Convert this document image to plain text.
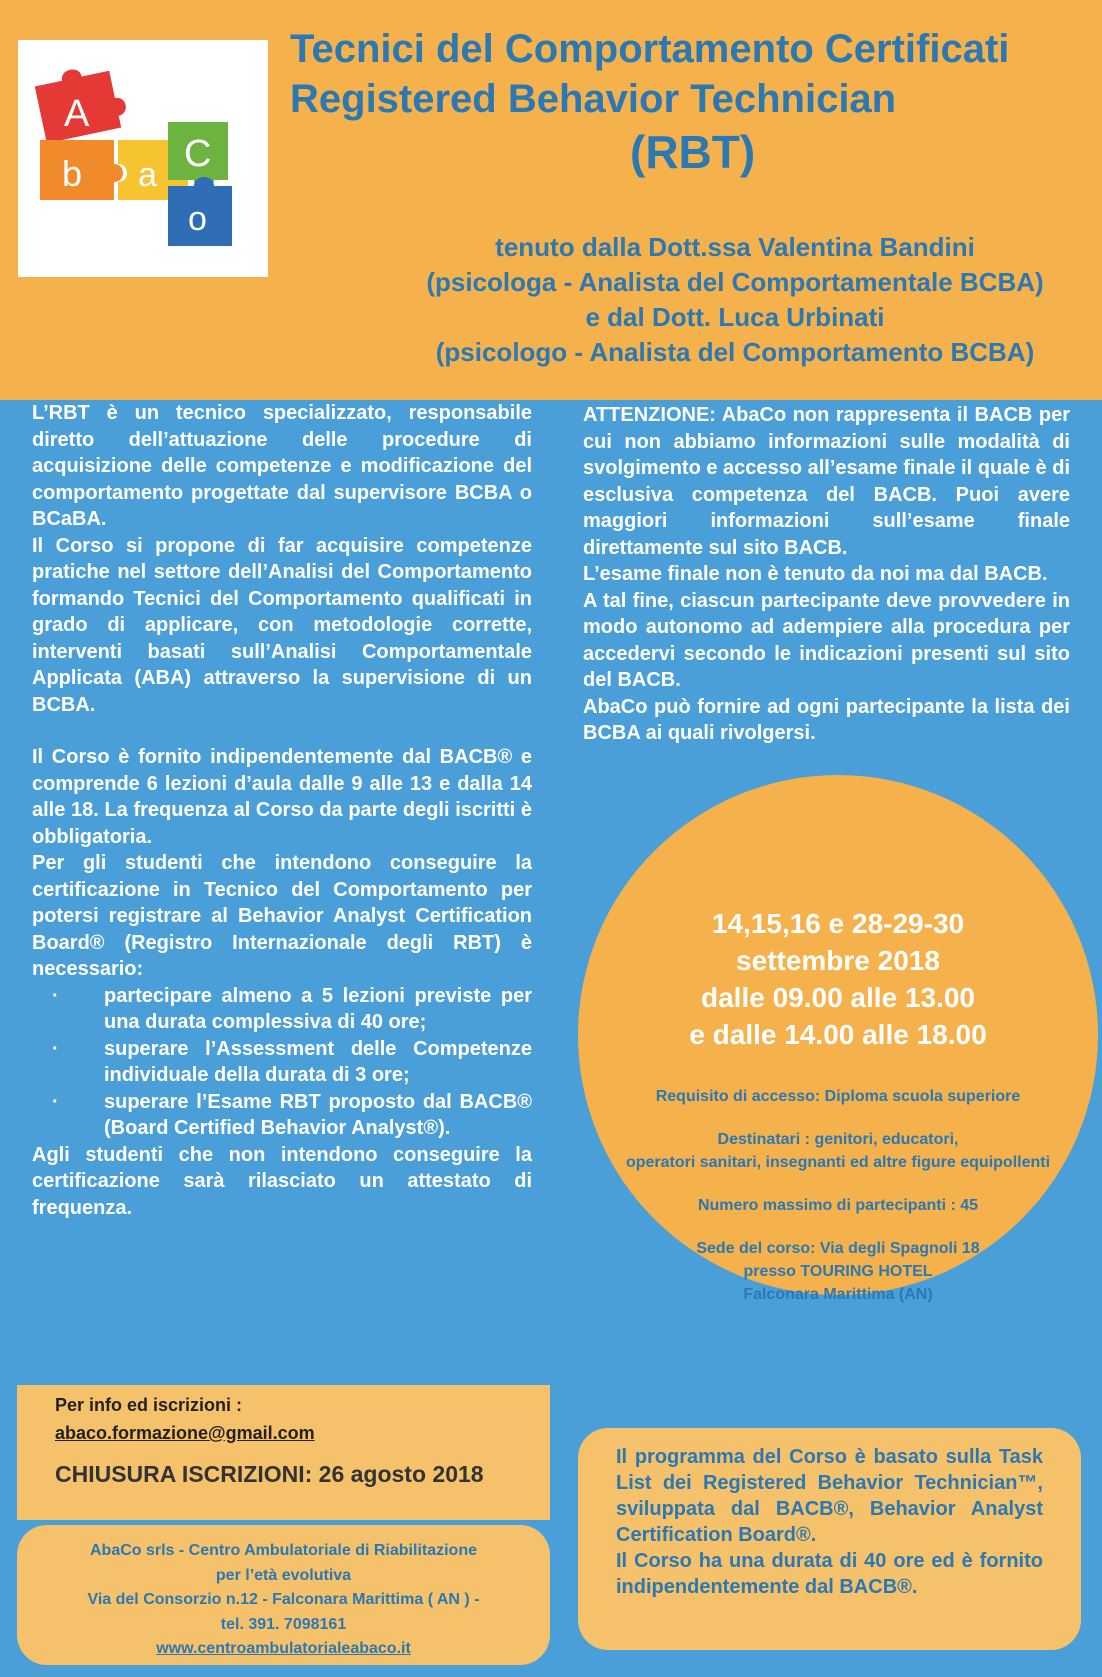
A
b a C
o
Tecnici del Comportamento Certificati
Registered Behavior Technician
(RBT)
tenuto dalla Dott.ssa Valentina Bandini
(psicologa - Analista del Comportamentale BCBA)
e dal Dott. Luca Urbinati
(psicologo - Analista del Comportamento BCBA)

L’RBT è un tecnico specializzato, responsabile diretto dell’attuazione delle procedure di acquisizione delle competenze e modificazione del comportamento progettate dal supervisore BCBA o BCaBA.

Il Corso si propone di far acquisire competenze pratiche nel settore dell’Analisi del Comportamento formando Tecnici del Comportamento qualificati in grado di applicare, con metodologie corrette, interventi basati sull’Analisi Comportamentale Applicata (ABA) attraverso la supervisione di un BCBA.

Il Corso è fornito indipendentemente dal BACB® e comprende 6 lezioni d’aula dalle 9 alle 13 e dalla 14 alle 18. La frequenza al Corso da parte degli iscritti è obbligatoria.

Per gli studenti che intendono conseguire la certificazione in Tecnico del Comportamento per potersi registrare al Behavior Analyst Certification Board® (Registro Internazionale degli RBT) è necessario:

· partecipare almeno a 5 lezioni previste per una durata complessiva di 40 ore;
· superare l’Assessment delle Competenze individuale della durata di 3 ore;
· superare l’Esame RBT proposto dal BACB® (Board Certified Behavior Analyst®).

Agli studenti che non intendono conseguire la certificazione sarà rilasciato un attestato di frequenza.

ATTENZIONE: AbaCo non rappresenta il BACB per cui non abbiamo informazioni sulle modalità di svolgimento e accesso all’esame finale il quale è di esclusiva competenza del BACB. Puoi avere maggiori informazioni sull’esame finale direttamente sul sito BACB.

L’esame finale non è tenuto da noi ma dal BACB.

A tal fine, ciascun partecipante deve provvedere in modo autonomo ad adempiere alla procedura per accedervi secondo le indicazioni presenti sul sito del BACB.

AbaCo può fornire ad ogni partecipante la lista dei BCBA ai quali rivolgersi.

14,15,16 e 28-29-30
settembre 2018
dalle 09.00 alle 13.00
e dalle 14.00 alle 18.00

Requisito di accesso: Diploma scuola superiore

Destinatari : genitori, educatori,
operatori sanitari, insegnanti ed altre figure equipollenti

Numero massimo di partecipanti : 45

Sede del corso: Via degli Spagnoli 18
presso TOURING HOTEL
Falconara Marittima (AN)

Per info ed iscrizioni :
abaco.formazione@gmail.com
CHIUSURA ISCRIZIONI: 26 agosto 2018
AbaCo srls - Centro Ambulatoriale di Riabilitazione
per l’età evolutiva
Via del Consorzio n.12 - Falconara Marittima ( AN ) -
tel. 391. 7098161
www.centroambulatorialeabaco.it

Il programma del Corso è basato sulla Task List dei Registered Behavior Technician™, sviluppata dal BACB®, Behavior Analyst Certification Board®.

Il Corso ha una durata di 40 ore ed è fornito indipendentemente dal BACB®.
